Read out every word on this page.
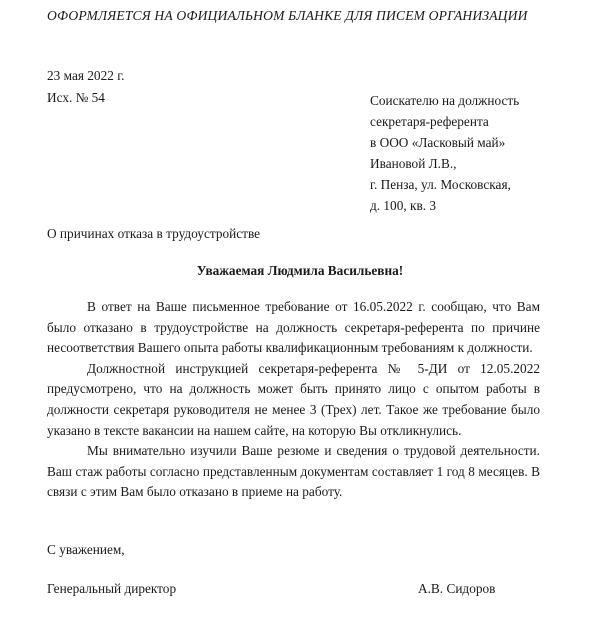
ОФОРМЛЯЕТСЯ НА ОФИЦИАЛЬНОМ БЛАНКЕ ДЛЯ ПИСЕМ ОРГАНИЗАЦИИ
23 мая 2022 г.
Исх. № 54	Соискателю на должность
секретаря-референта
в ООО «Ласковый май»
Ивановой Л.В.,
г. Пенза, ул. Московская,
д. 100, кв. 3
О причинах отказа в трудоустройстве
Уважаемая Людмила Васильевна!

В ответ на Ваше письменное требование от 16.05.2022 г. сообщаю, что Вам было отказано в трудоустройстве на должность секретаря-референта по причине несоответствия Вашего опыта работы квалификационным требованиям к должности.

Должностной инструкцией секретаря-референта № 5-ДИ от 12.05.2022 предусмотрено, что на должность может быть принято лицо с опытом работы в должности секретаря руководителя не менее 3 (Трех) лет. Такое же требование было указано в тексте вакансии на нашем сайте, на которую Вы откликнулись.

Мы внимательно изучили Ваше резюме и сведения о трудовой деятельности. Ваш стаж работы согласно представленным документам составляет 1 год 8 месяцев. В связи с этим Вам было отказано в приеме на работу.

С уважением,
Генеральный директор	А.В. Сидоров
